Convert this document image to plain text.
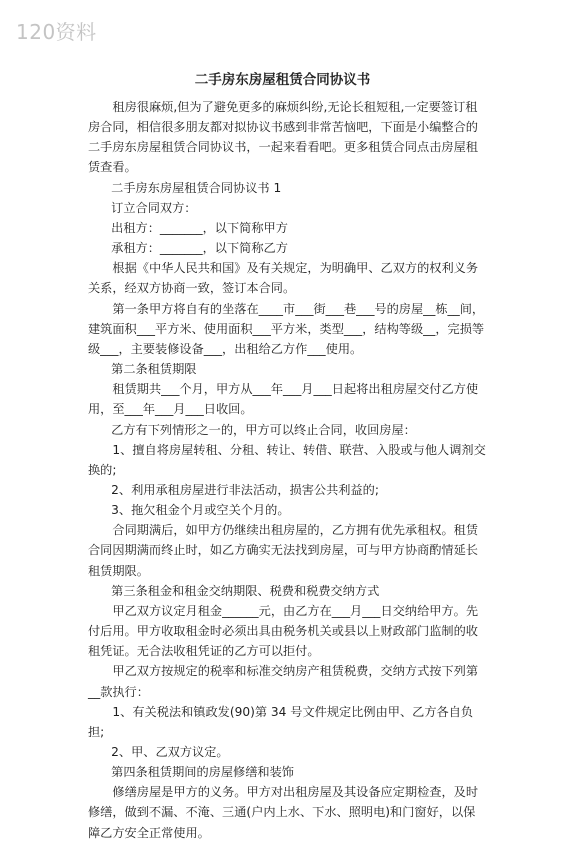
120资料
二手房东房屋租赁合同协议书

租房很麻烦,但为了避免更多的麻烦纠纷,无论长租短租,一定要签订租房合同，相信很多朋友都对拟协议书感到非常苦恼吧，下面是小编整合的二手房东房屋租赁合同协议书，一起来看看吧。更多租赁合同点击房屋租赁查看。

二手房东房屋租赁合同协议书 1

订立合同双方：

出租方：_______，以下简称甲方

承租方：_______，以下简称乙方

根据《中华人民共和国》及有关规定，为明确甲、乙双方的权利义务关系，经双方协商一致，签订本合同。

第一条甲方将自有的坐落在____市___街___巷___号的房屋__栋__间，建筑面积___平方米、使用面积___平方米，类型___，结构等级__，完损等级___，主要装修设备___，出租给乙方作___使用。

第二条租赁期限

租赁期共___个月，甲方从___年___月___日起将出租房屋交付乙方使用，至___年___月___日收回。

乙方有下列情形之一的，甲方可以终止合同，收回房屋：

1、擅自将房屋转租、分租、转让、转借、联营、入股或与他人调剂交换的;

2、利用承租房屋进行非法活动，损害公共利益的;

3、拖欠租金个月或空关个月的。

合同期满后，如甲方仍继续出租房屋的，乙方拥有优先承租权。租赁合同因期满而终止时，如乙方确实无法找到房屋，可与甲方协商酌情延长租赁期限。

第三条租金和租金交纳期限、税费和税费交纳方式

甲乙双方议定月租金______元，由乙方在___月___日交纳给甲方。先付后用。甲方收取租金时必须出具由税务机关或县以上财政部门监制的收租凭证。无合法收租凭证的乙方可以拒付。

甲乙双方按规定的税率和标准交纳房产租赁税费，交纳方式按下列第__款执行：

1、有关税法和镇政发(90)第 34 号文件规定比例由甲、乙方各自负担;

2、甲、乙双方议定。

第四条租赁期间的房屋修缮和装饰

修缮房屋是甲方的义务。甲方对出租房屋及其设备应定期检查，及时修缮，做到不漏、不淹、三通(户内上水、下水、照明电)和门窗好，以保障乙方安全正常使用。
